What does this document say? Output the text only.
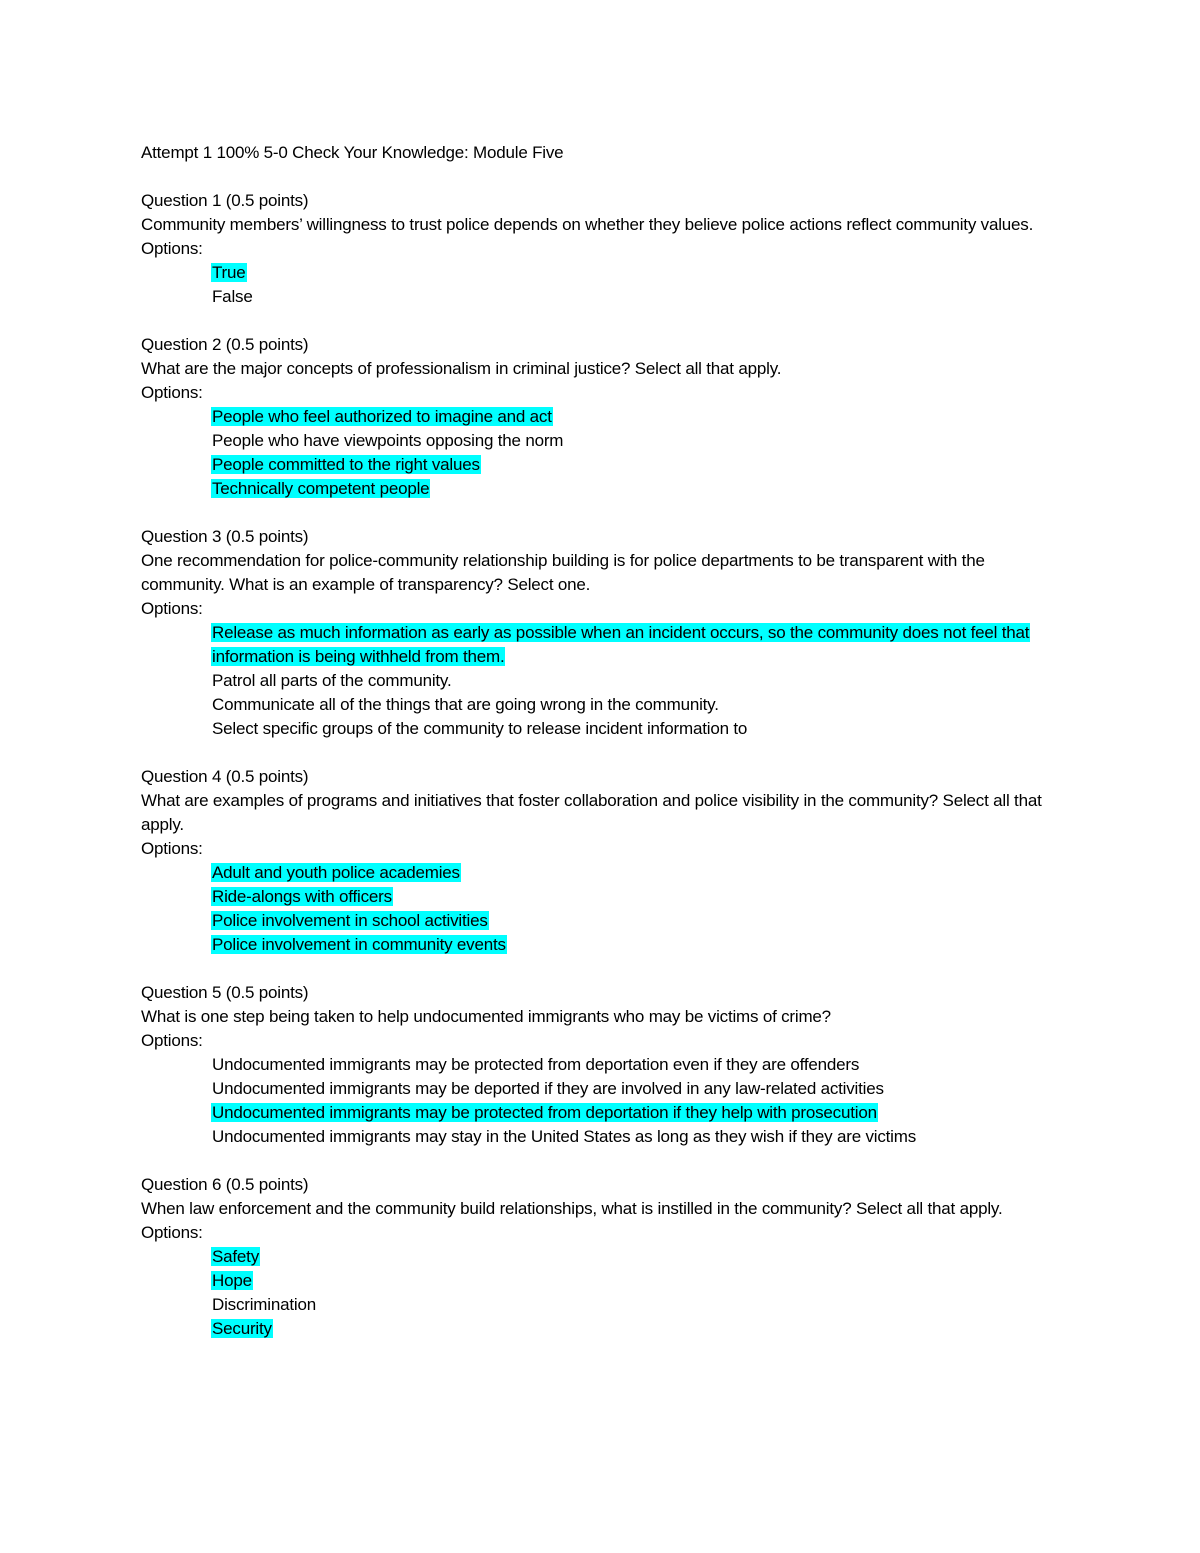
Attempt 1 100% 5-0 Check Your Knowledge: Module Five
Question 1 (0.5 points)
Community members’ willingness to trust police depends on whether they believe police actions reflect community values.
Options:
True
False
Question 2 (0.5 points)
What are the major concepts of professionalism in criminal justice? Select all that apply.
Options:
People who feel authorized to imagine and act
People who have viewpoints opposing the norm
People committed to the right values
Technically competent people
Question 3 (0.5 points)
One recommendation for police-community relationship building is for police departments to be transparent with the community. What is an example of transparency? Select one.
Options:
Release as much information as early as possible when an incident occurs, so the community does not feel that information is being withheld from them.
Patrol all parts of the community.
Communicate all of the things that are going wrong in the community.
Select specific groups of the community to release incident information to
Question 4 (0.5 points)
What are examples of programs and initiatives that foster collaboration and police visibility in the community? Select all that apply.
Options:
Adult and youth police academies
Ride-alongs with officers
Police involvement in school activities
Police involvement in community events
Question 5 (0.5 points)
What is one step being taken to help undocumented immigrants who may be victims of crime?
Options:
Undocumented immigrants may be protected from deportation even if they are offenders
Undocumented immigrants may be deported if they are involved in any law-related activities
Undocumented immigrants may be protected from deportation if they help with prosecution
Undocumented immigrants may stay in the United States as long as they wish if they are victims
Question 6 (0.5 points)
When law enforcement and the community build relationships, what is instilled in the community? Select all that apply.
Options:
Safety
Hope
Discrimination
Security
